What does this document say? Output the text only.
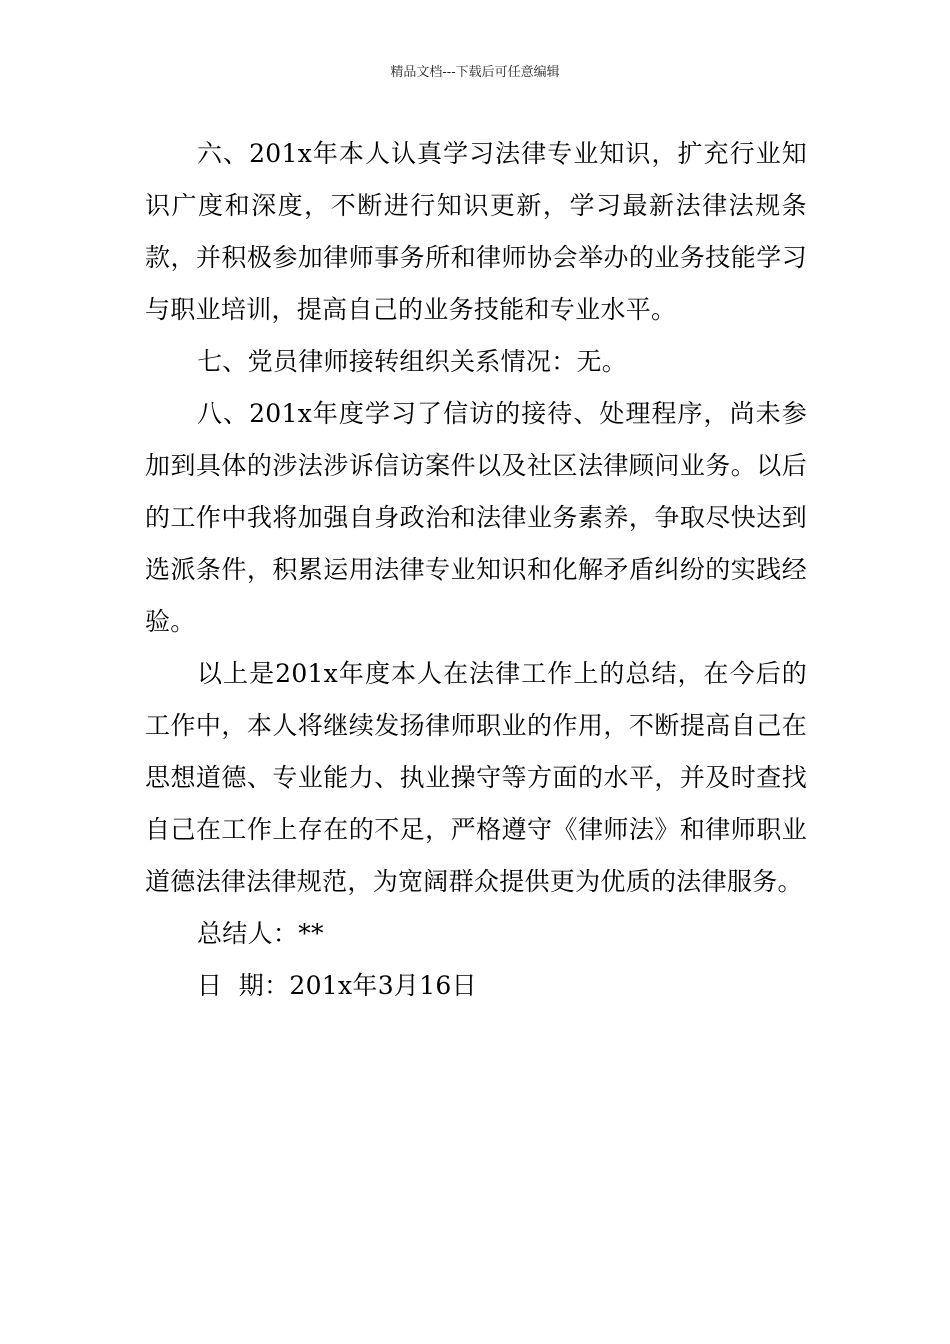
精品文档---下载后可任意编辑

六、201x年本人认真学习法律专业知识，扩充行业知识广度和深度，不断进行知识更新，学习最新法律法规条款，并积极参加律师事务所和律师协会举办的业务技能学习与职业培训，提高自己的业务技能和专业水平。

七、党员律师接转组织关系情况：无。

八、201x年度学习了信访的接待、处理程序，尚未参加到具体的涉法涉诉信访案件以及社区法律顾问业务。以后的工作中我将加强自身政治和法律业务素养，争取尽快达到选派条件，积累运用法律专业知识和化解矛盾纠纷的实践经验。

以上是201x年度本人在法律工作上的总结，在今后的工作中，本人将继续发扬律师职业的作用，不断提高自己在思想道德、专业能力、执业操守等方面的水平，并及时查找自己在工作上存在的不足，严格遵守《律师法》和律师职业道德法律法律规范，为宽阔群众提供更为优质的法律服务。

总结人：**

日  期：201x年3月16日
